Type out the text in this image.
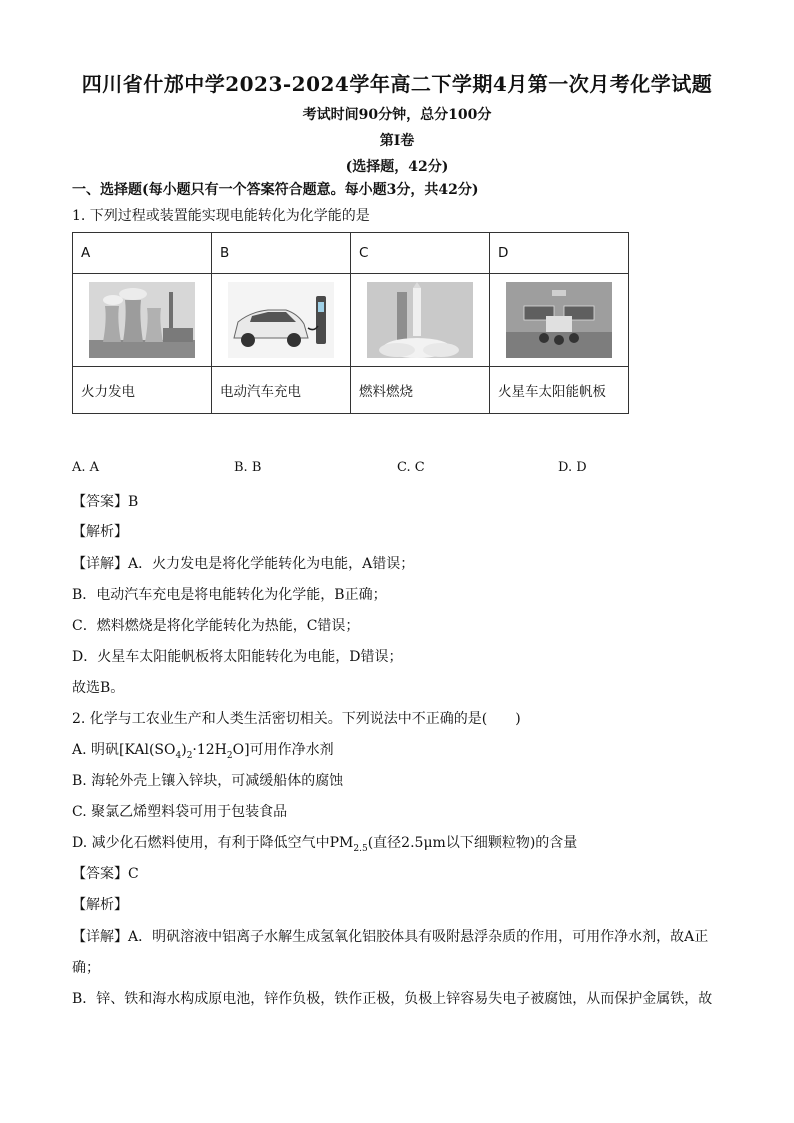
四川省什邡中学2023-2024学年高二下学期4月第一次月考化学试题
考试时间90分钟，总分100分
第Ⅰ卷
(选择题，42分)
一、选择题(每小题只有一个答案符合题意。每小题3分，共42分)
1. 下列过程或装置能实现电能转化为化学能的是
A	B	C	D

火力发电	电动汽车充电	燃料燃烧	火星车太阳能帆板
A. A	B. B	C. C	D. D
【答案】B
【解析】
【详解】A．火力发电是将化学能转化为电能，A错误；
B．电动汽车充电是将电能转化为化学能，B正确；
C．燃料燃烧是将化学能转化为热能，C错误；
D．火星车太阳能帆板将太阳能转化为电能，D错误；
故选B。
2. 化学与工农业生产和人类生活密切相关。下列说法中不正确的是(　　)
A. 明矾$[KAl(SO_4)_2\cdot 12H_2O]$可用作净水剂
B. 海轮外壳上镶入锌块，可减缓船体的腐蚀
C. 聚氯乙烯塑料袋可用于包装食品
D. 减少化石燃料使用，有利于降低空气中$PM_{2.5}$(直径2.5μm以下细颗粒物)的含量
【答案】C
【解析】
【详解】A．明矾溶液中铝离子水解生成氢氧化铝胶体具有吸附悬浮杂质的作用，可用作净水剂，故A正
确；
B．锌、铁和海水构成原电池，锌作负极，铁作正极，负极上锌容易失电子被腐蚀，从而保护金属铁，故
